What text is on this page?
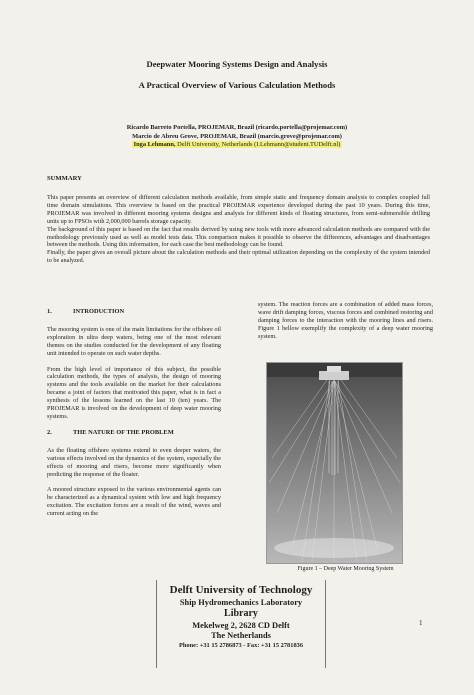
Deepwater Mooring Systems Design and Analysis
A Practical Overview of Various Calculation Methods
Ricardo Barreto Portella, PROJEMAR, Brazil (ricardo.portella@projemar.com)
Marcio de Abreu Grove, PROJEMAR, Brazil (marcio.grove@projemar.com)
Inga Lehmann, Delft University, Netherlands (I.Lehmann@student.TUDelft.nl)
SUMMARY

This paper presents an overview of different calculation methods available, from simple static and frequency domain analysis to complex coupled full time domain simulations. This overview is based on the practical PROJEMAR experience developed during the past 10 years. During this time, PROJEMAR was involved in different mooring systems designs and analysis for different kinds of floating structures, from semi-submersible drilling units up to FPSOs with 2,000,000 barrels storage capacity.

The background of this paper is based on the fact that results derived by using new tools with more advanced calculation methods are compared with the methodology previously used as well as model tests data. This comparison makes it possible to observe the differences, advantages and disadvantages between the methods. Using this information, for each case the best methodology can be found.

Finally, the paper gives an overall picture about the calculation methods and their optimal utilization depending on the complexity of the system intended to be analyzed.

1.	INTRODUCTION

The mooring system is one of the main limitations for the offshore oil exploration in ultra deep waters, being one of the most relevant themes on the studies conducted for the development of any floating unit intended to operate on such water depths.

From the high level of importance of this subject, the possible calculation methods, the types of analysis, the design of mooring systems and the tools available on the market for their calculations became a joint of factors that motivated this paper, what is in fact a synthesis of the lessons learned on the last 10 (ten) years. The PROJEMAR is involved on the development of deep water mooring systems.

2.	THE NATURE OF THE PROBLEM

As the floating offshore systems extend to even deeper waters, the various effects involved on the dynamics of the system, especially the effects of mooring and risers, become more significantly when predicting the response of the floater.

A moored structure exposed to the various environmental agents can be characterized as a dynamical system with low and high frequency excitation. The excitation forces are a result of the wind, waves and current acting on the

system. The reaction forces are a combination of added mass forces, wave drift damping forces, viscous forces and combined restoring and damping forces to the interaction with the mooring lines and risers. Figure 1 bellow exemplify the complexity of a deep water mooring system.

Figure 1 – Deep Water Mooring System
Delft University of Technology
Ship Hydromechanics Laboratory
Library
Mekelweg 2, 2628 CD Delft
The Netherlands
Phone: +31 15 2786873 - Fax: +31 15 2781836
1
